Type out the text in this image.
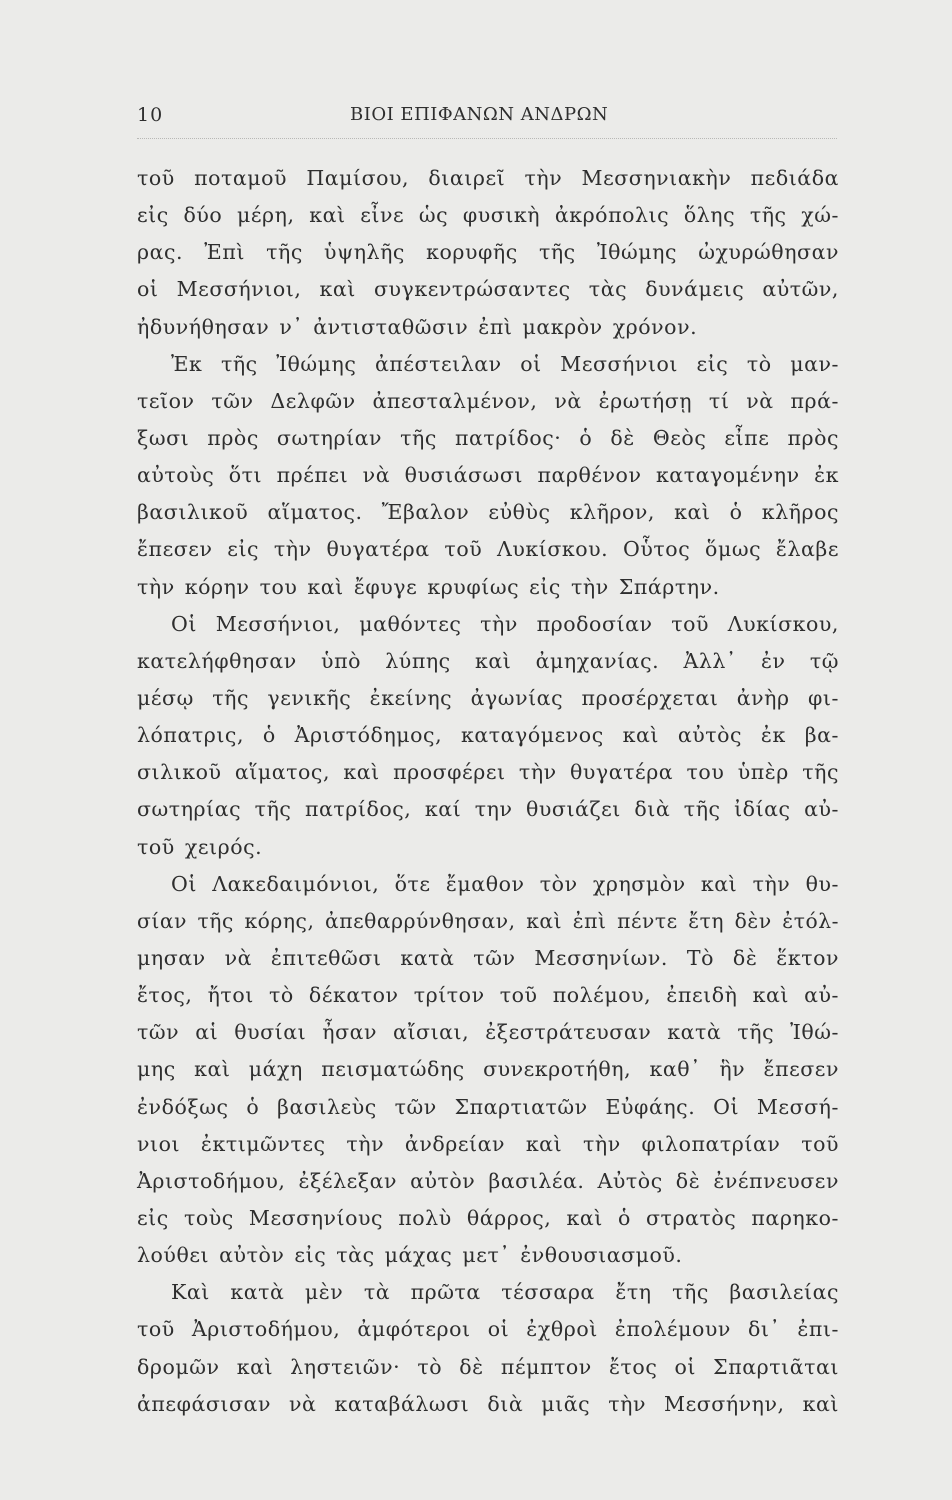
10	ΒΙΟΙ ΕΠΙΦΑΝΩΝ ΑΝΔΡΩΝ
τοῦ ποταμοῦ Παμίσου, διαιρεῖ τὴν Μεσσηνιακὴν πεδιάδα
εἰς δύο μέρη, καὶ εἶνε ὡς φυσικὴ ἀκρόπολις ὅλης τῆς χώ-
ρας. Ἐπὶ τῆς ὑψηλῆς κορυφῆς τῆς Ἰθώμης ὠχυρώθησαν
οἱ Μεσσήνιοι, καὶ συγκεντρώσαντες τὰς δυνάμεις αὐτῶν,
ἠδυνήθησαν ν᾽ ἀντισταθῶσιν ἐπὶ μακρὸν χρόνον.
Ἐκ τῆς Ἰθώμης ἀπέστειλαν οἱ Μεσσήνιοι εἰς τὸ μαν-
τεῖον τῶν Δελφῶν ἀπεσταλμένον, νὰ ἐρωτήσῃ τί νὰ πρά-
ξωσι πρὸς σωτηρίαν τῆς πατρίδος· ὁ δὲ Θεὸς εἶπε πρὸς
αὐτοὺς ὅτι πρέπει νὰ θυσιάσωσι παρθένον καταγομένην ἐκ
βασιλικοῦ αἵματος. Ἔβαλον εὐθὺς κλῆρον, καὶ ὁ κλῆρος
ἔπεσεν εἰς τὴν θυγατέρα τοῦ Λυκίσκου. Οὗτος ὅμως ἔλαβε
τὴν κόρην του καὶ ἔφυγε κρυφίως εἰς τὴν Σπάρτην.
Οἱ Μεσσήνιοι, μαθόντες τὴν προδοσίαν τοῦ Λυκίσκου,
κατελήφθησαν ὑπὸ λύπης καὶ ἀμηχανίας. Ἀλλ᾽ ἐν τῷ
μέσῳ τῆς γενικῆς ἐκείνης ἀγωνίας προσέρχεται ἀνὴρ φι-
λόπατρις, ὁ Ἀριστόδημος, καταγόμενος καὶ αὐτὸς ἐκ βα-
σιλικοῦ αἵματος, καὶ προσφέρει τὴν θυγατέρα του ὑπὲρ τῆς
σωτηρίας τῆς πατρίδος, καί την θυσιάζει διὰ τῆς ἰδίας αὐ-
τοῦ χειρός.
Οἱ Λακεδαιμόνιοι, ὅτε ἔμαθον τὸν χρησμὸν καὶ τὴν θυ-
σίαν τῆς κόρης, ἀπεθαρρύνθησαν, καὶ ἐπὶ πέντε ἔτη δὲν ἐτόλ-
μησαν νὰ ἐπιτεθῶσι κατὰ τῶν Μεσσηνίων. Τὸ δὲ ἕκτον
ἔτος, ἤτοι τὸ δέκατον τρίτον τοῦ πολέμου, ἐπειδὴ καὶ αὐ-
τῶν αἱ θυσίαι ἦσαν αἴσιαι, ἐξεστράτευσαν κατὰ τῆς Ἰθώ-
μης καὶ μάχη πεισματώδης συνεκροτήθη, καθ᾽ ἣν ἔπεσεν
ἐνδόξως ὁ βασιλεὺς τῶν Σπαρτιατῶν Εὐφάης. Οἱ Μεσσή-
νιοι ἐκτιμῶντες τὴν ἀνδρείαν καὶ τὴν φιλοπατρίαν τοῦ
Ἀριστοδήμου, ἐξέλεξαν αὐτὸν βασιλέα. Αὐτὸς δὲ ἐνέπνευσεν
εἰς τοὺς Μεσσηνίους πολὺ θάρρος, καὶ ὁ στρατὸς παρηκο-
λούθει αὐτὸν εἰς τὰς μάχας μετ᾽ ἐνθουσιασμοῦ.
Καὶ κατὰ μὲν τὰ πρῶτα τέσσαρα ἔτη τῆς βασιλείας
τοῦ Ἀριστοδήμου, ἀμφότεροι οἱ ἐχθροὶ ἐπολέμουν δι᾽ ἐπι-
δρομῶν καὶ ληστειῶν· τὸ δὲ πέμπτον ἔτος οἱ Σπαρτιᾶται
ἀπεφάσισαν νὰ καταβάλωσι διὰ μιᾶς τὴν Μεσσήνην, καὶ
